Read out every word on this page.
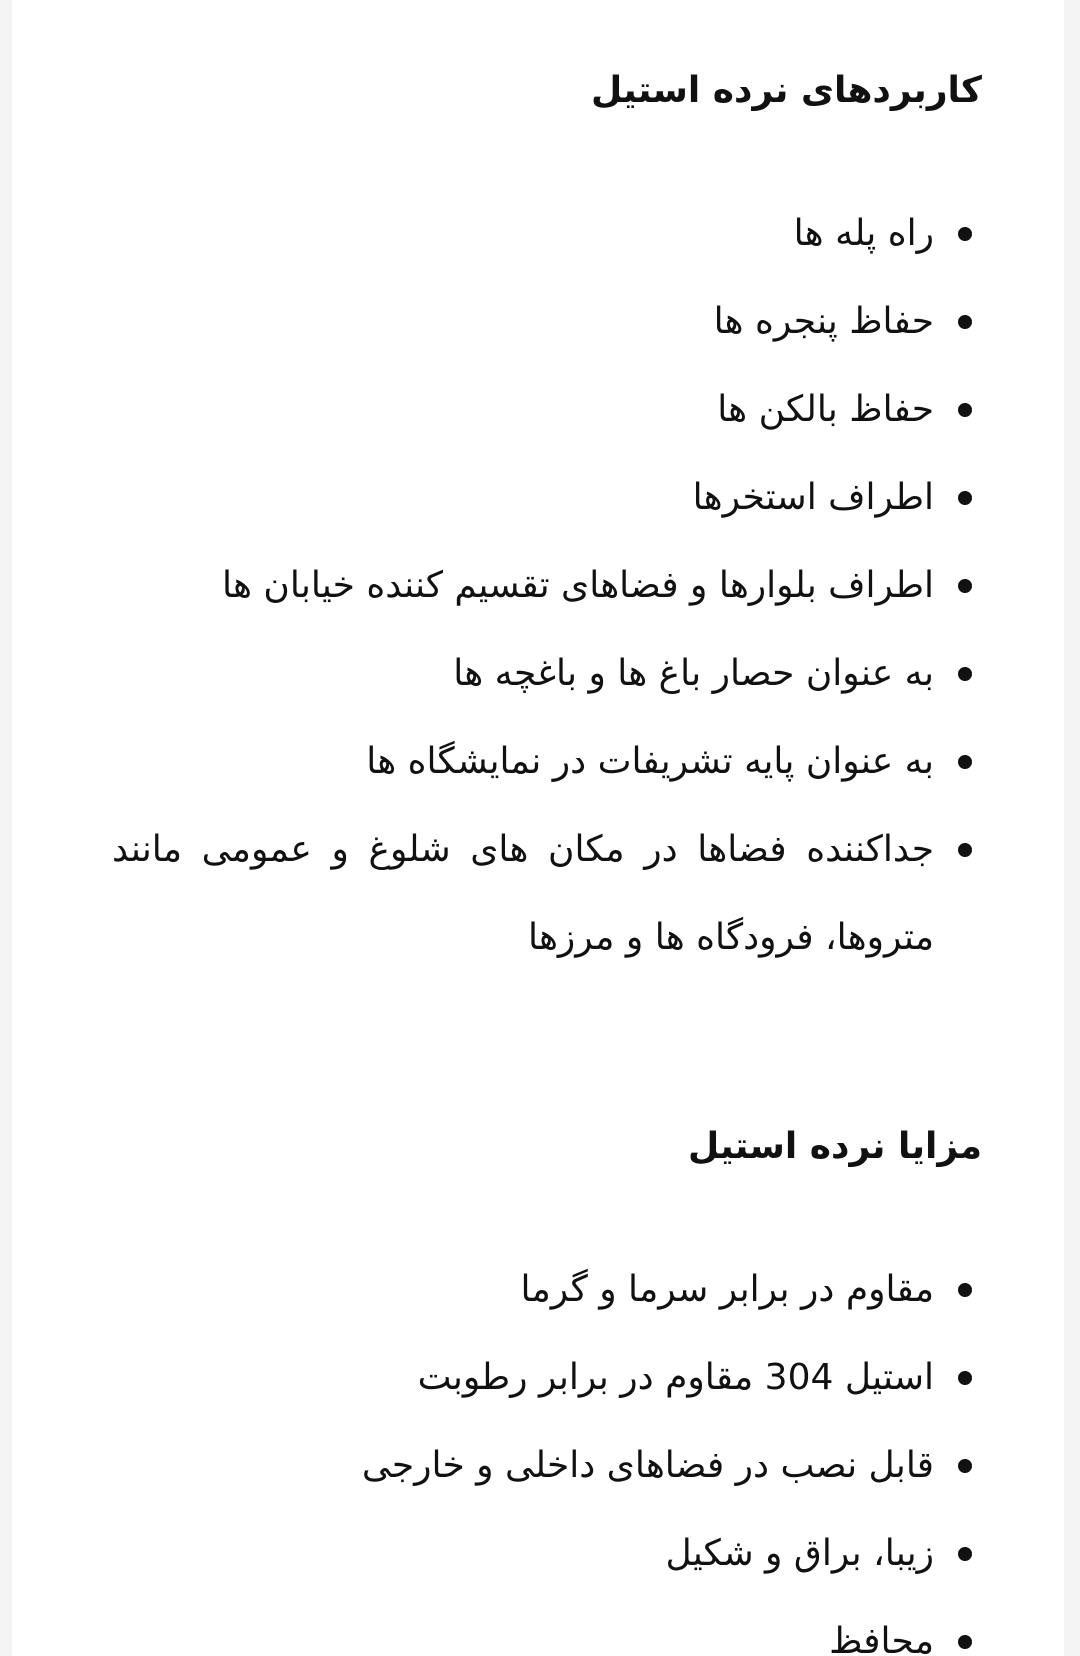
کاربردهای نرده استیل
راه پله ها
حفاظ پنجره ها
حفاظ بالکن ها
اطراف استخرها
اطراف بلوارها و فضاهای تقسیم کننده خیابان ها
به عنوان حصار باغ ها و باغچه ها
به عنوان پایه تشریفات در نمایشگاه ها
جداکننده فضاها در مکان های شلوغ و عمومی مانند متروها، فرودگاه ها و مرزها
مزایا نرده استیل
مقاوم در برابر سرما و گرما
استیل 304 مقاوم در برابر رطوبت
قابل نصب در فضاهای داخلی و خارجی
زیبا، براق و شکیل
محافظ
